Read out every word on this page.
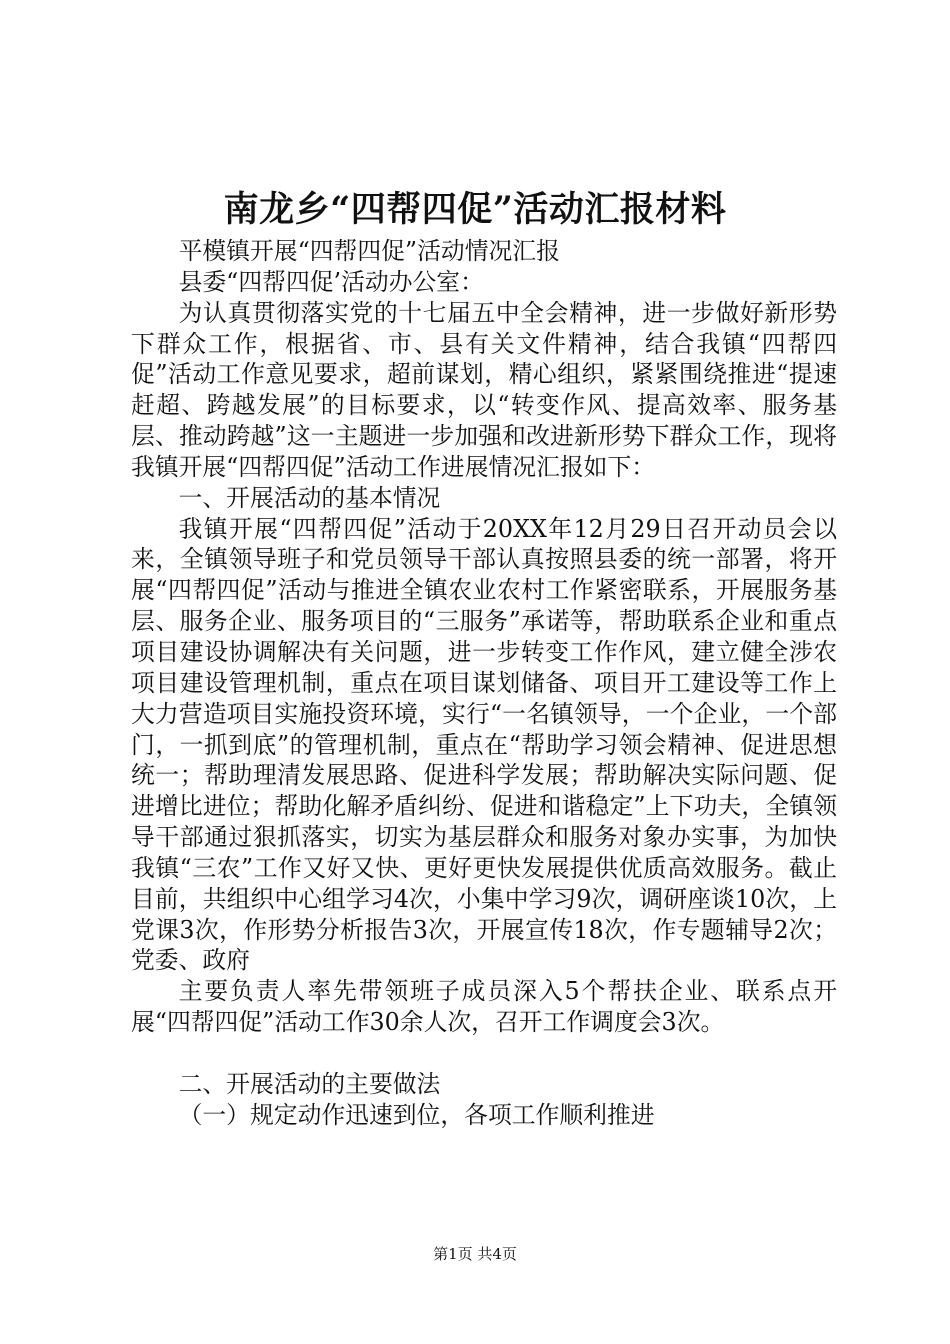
南龙乡“四帮四促”活动汇报材料

平模镇开展“四帮四促”活动情况汇报

县委“四帮四促’活动办公室：

为认真贯彻落实党的十七届五中全会精神，进一步做好新形势下群众工作，根据省、市、县有关文件精神，结合我镇“四帮四促”活动工作意见要求，超前谋划，精心组织，紧紧围绕推进“提速赶超、跨越发展”的目标要求，以“转变作风、提高效率、服务基层、推动跨越”这一主题进一步加强和改进新形势下群众工作，现将我镇开展“四帮四促”活动工作进展情况汇报如下：

一、开展活动的基本情况

我镇开展“四帮四促”活动于20XX年12月29日召开动员会以来，全镇领导班子和党员领导干部认真按照县委的统一部署，将开展“四帮四促”活动与推进全镇农业农村工作紧密联系，开展服务基层、服务企业、服务项目的“三服务”承诺等，帮助联系企业和重点项目建设协调解决有关问题，进一步转变工作作风，建立健全涉农项目建设管理机制，重点在项目谋划储备、项目开工建设等工作上大力营造项目实施投资环境，实行“一名镇领导，一个企业，一个部门，一抓到底”的管理机制，重点在“帮助学习领会精神、促进思想统一；帮助理清发展思路、促进科学发展；帮助解决实际问题、促进增比进位；帮助化解矛盾纠纷、促进和谐稳定”上下功夫，全镇领导干部通过狠抓落实，切实为基层群众和服务对象办实事，为加快我镇“三农”工作又好又快、更好更快发展提供优质高效服务。截止目前，共组织中心组学习4次，小集中学习9次，调研座谈10次，上党课3次，作形势分析报告3次，开展宣传18次，作专题辅导2次；党委、政府

主要负责人率先带领班子成员深入5个帮扶企业、联系点开展“四帮四促”活动工作30余人次，召开工作调度会3次。

二、开展活动的主要做法

（一）规定动作迅速到位，各项工作顺利推进

第1页 共4页
